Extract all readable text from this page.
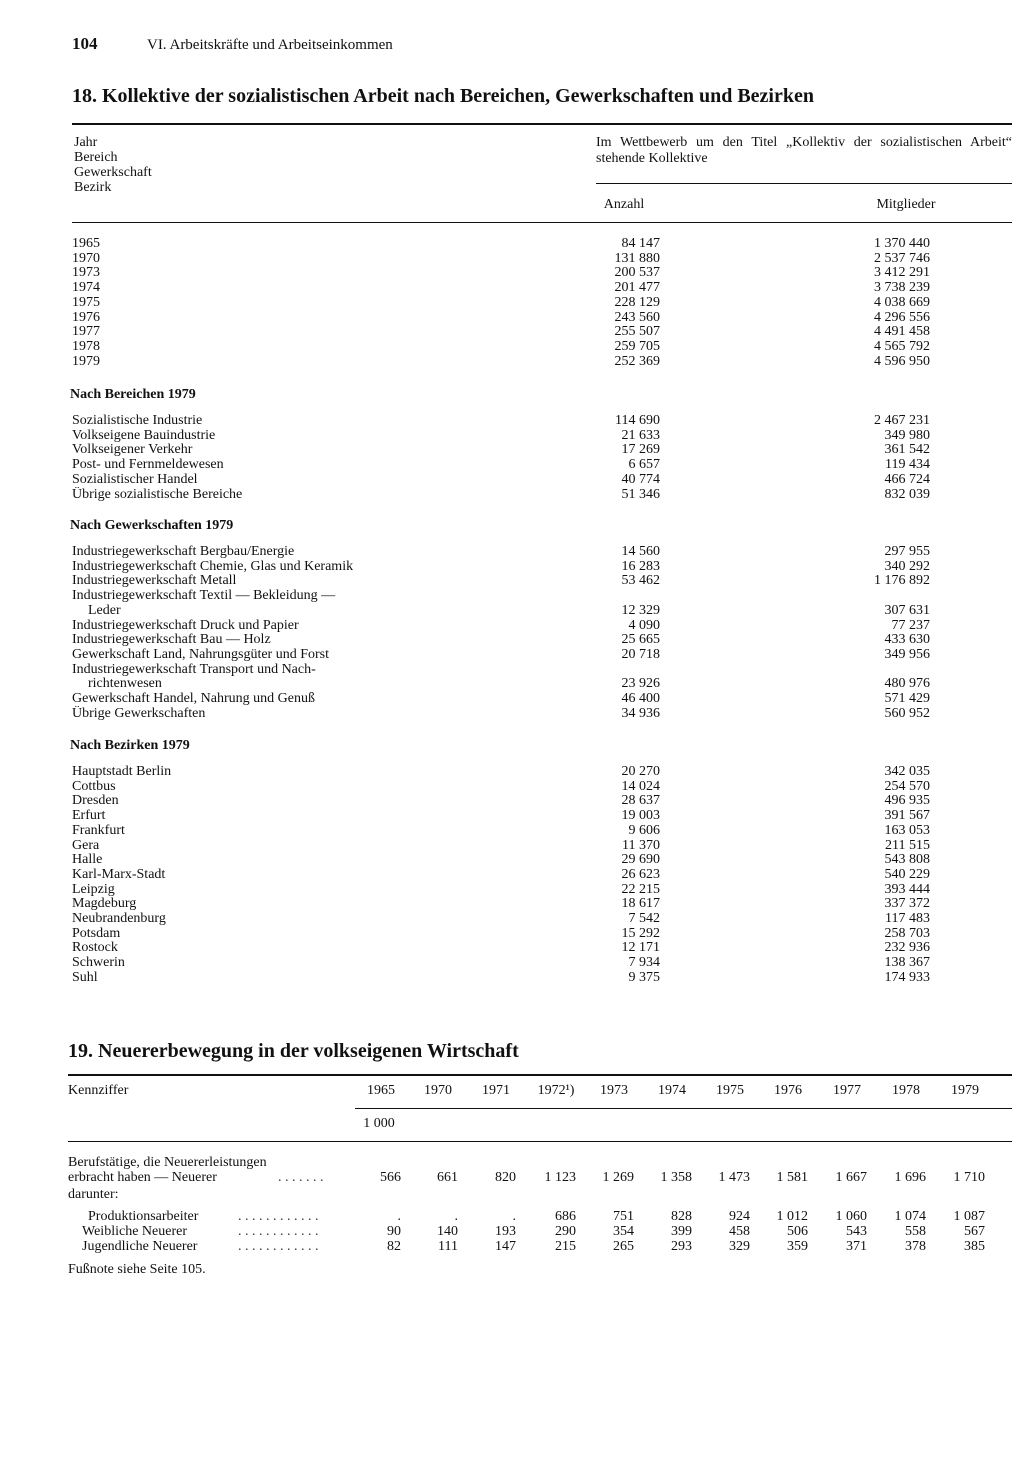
104	VI. Arbeitskräfte und Arbeitseinkommen
18. Kollektive der sozialistischen Arbeit nach Bereichen, Gewerkschaften und Bezirken
Jahr
Bereich
Gewerkschaft
Bezirk
Im Wettbewerb um den Titel „Kollektiv der sozialistischen Arbeit“ stehende Kollektive
Anzahl	Mitglieder
1965 . . .	84 147	1 370 440
1970 . . .	131 880	2 537 746
1973 . . .	200 537	3 412 291
1974 . . .	201 477	3 738 239
1975 . . .	228 129	4 038 669
1976 . . .	243 560	4 296 556
1977 . . .	255 507	4 491 458
1978 . . .	259 705	4 565 792
1979 . . .	252 369	4 596 950
Nach Bereichen 1979
Sozialistische Industrie . . .	114 690	2 467 231
Volkseigene Bauindustrie . . .	21 633	349 980
Volkseigener Verkehr . . .	17 269	361 542
Post- und Fernmeldewesen . . .	6 657	119 434
Sozialistischer Handel . . .	40 774	466 724
Übrige sozialistische Bereiche . . .	51 346	832 039
Nach Gewerkschaften 1979
Industriegewerkschaft Bergbau/Energie . . .	14 560	297 955
Industriegewerkschaft Chemie, Glas und Keramik . . .	16 283	340 292
Industriegewerkschaft Metall . . .	53 462	1 176 892
Industriegewerkschaft Textil — Bekleidung —
Leder . . .	12 329	307 631
Industriegewerkschaft Druck und Papier . . .	4 090	77 237
Industriegewerkschaft Bau — Holz . . .	25 665	433 630
Gewerkschaft Land, Nahrungsgüter und Forst . . .	20 718	349 956
Industriegewerkschaft Transport und Nach-
richtenwesen . . .	23 926	480 976
Gewerkschaft Handel, Nahrung und Genuß . . .	46 400	571 429
Übrige Gewerkschaften . . .	34 936	560 952
Nach Bezirken 1979
Hauptstadt Berlin . . .	20 270	342 035
Cottbus . . .	14 024	254 570
Dresden . . .	28 637	496 935
Erfurt . . .	19 003	391 567
Frankfurt . . .	9 606	163 053
Gera . . .	11 370	211 515
Halle . . .	29 690	543 808
Karl-Marx-Stadt . . .	26 623	540 229
Leipzig . . .	22 215	393 444
Magdeburg . . .	18 617	337 372
Neubrandenburg . . .	7 542	117 483
Potsdam . . .	15 292	258 703
Rostock . . .	12 171	232 936
Schwerin . . .	7 934	138 367
Suhl . . .	9 375	174 933
19. Neuererbewegung in der volkseigenen Wirtschaft
Kennziffer	1965	1970	1971	1972¹)	1973	1974	1975	1976	1977	1978	1979
1 000
Berufstätige, die Neuererleistungen
erbracht haben — Neuerer	. . . . . . .	566	661	820	1 123	1 269	1 358	1 473	1 581	1 667	1 696	1 710
darunter:
Produktionsarbeiter	. . . . . . . . . . . .	.	.	.	686	751	828	924	1 012	1 060	1 074	1 087
Weibliche Neuerer	. . . . . . . . . . . .	90	140	193	290	354	399	458	506	543	558	567
Jugendliche Neuerer	. . . . . . . . . . . .	82	111	147	215	265	293	329	359	371	378	385
Fußnote siehe Seite 105.
